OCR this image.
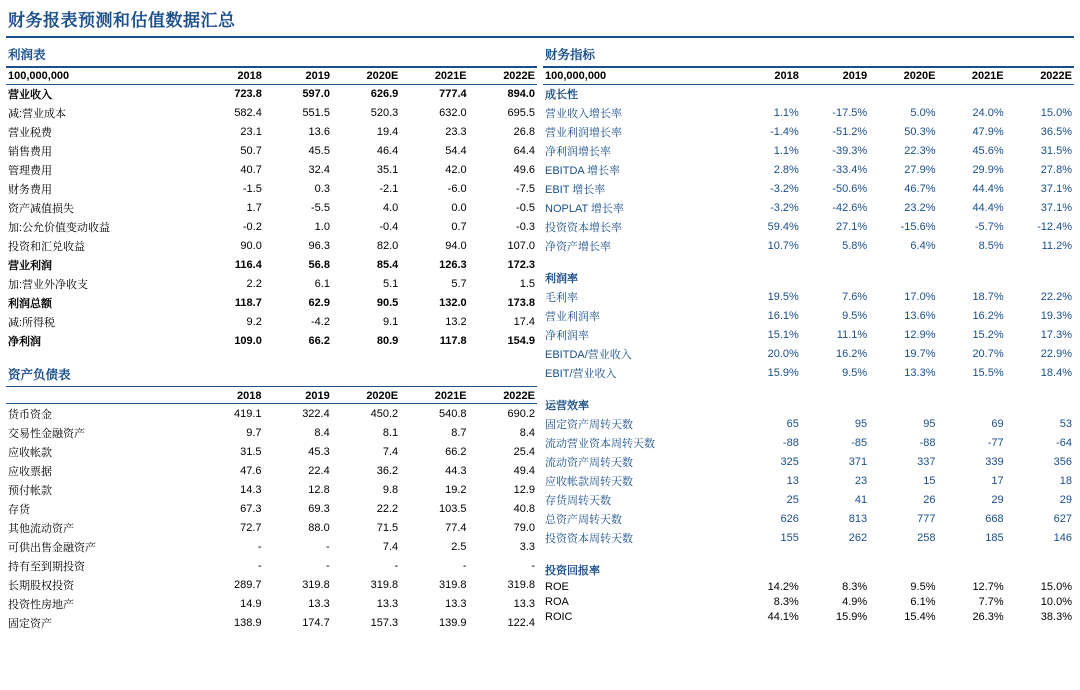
财务报表预测和估值数据汇总
利润表
100,000,000	2018	2019	2020E	2021E	2022E
营业收入	723.8	597.0	626.9	777.4	894.0
减:营业成本	582.4	551.5	520.3	632.0	695.5
营业税费	23.1	13.6	19.4	23.3	26.8
销售费用	50.7	45.5	46.4	54.4	64.4
管理费用	40.7	32.4	35.1	42.0	49.6
财务费用	-1.5	0.3	-2.1	-6.0	-7.5
资产减值损失	1.7	-5.5	4.0	0.0	-0.5
加:公允价值变动收益	-0.2	1.0	-0.4	0.7	-0.3
投资和汇兑收益	90.0	96.3	82.0	94.0	107.0
营业利润	116.4	56.8	85.4	126.3	172.3
加:营业外净收支	2.2	6.1	5.1	5.7	1.5
利润总额	118.7	62.9	90.5	132.0	173.8
减:所得税	9.2	-4.2	9.1	13.2	17.4
净利润	109.0	66.2	80.9	117.8	154.9
资产负债表
	2018	2019	2020E	2021E	2022E
货币资金	419.1	322.4	450.2	540.8	690.2
交易性金融资产	9.7	8.4	8.1	8.7	8.4
应收帐款	31.5	45.3	7.4	66.2	25.4
应收票据	47.6	22.4	36.2	44.3	49.4
预付帐款	14.3	12.8	9.8	19.2	12.9
存货	67.3	69.3	22.2	103.5	40.8
其他流动资产	72.7	88.0	71.5	77.4	79.0
可供出售金融资产	-	-	7.4	2.5	3.3
持有至到期投资	-	-	-	-	-
长期股权投资	289.7	319.8	319.8	319.8	319.8
投资性房地产	14.9	13.3	13.3	13.3	13.3
固定资产	138.9	174.7	157.3	139.9	122.4
财务指标
100,000,000	2018	2019	2020E	2021E	2022E
成长性					
营业收入增长率	1.1%	-17.5%	5.0%	24.0%	15.0%
营业利润增长率	-1.4%	-51.2%	50.3%	47.9%	36.5%
净利润增长率	1.1%	-39.3%	22.3%	45.6%	31.5%
EBITDA 增长率	2.8%	-33.4%	27.9%	29.9%	27.8%
EBIT 增长率	-3.2%	-50.6%	46.7%	44.4%	37.1%
NOPLAT 增长率	-3.2%	-42.6%	23.2%	44.4%	37.1%
投资资本增长率	59.4%	27.1%	-15.6%	-5.7%	-12.4%
净资产增长率	10.7%	5.8%	6.4%	8.5%	11.2%

利润率					
毛利率	19.5%	7.6%	17.0%	18.7%	22.2%
营业利润率	16.1%	9.5%	13.6%	16.2%	19.3%
净利润率	15.1%	11.1%	12.9%	15.2%	17.3%
EBITDA/营业收入	20.0%	16.2%	19.7%	20.7%	22.9%
EBIT/营业收入	15.9%	9.5%	13.3%	15.5%	18.4%

运营效率					
固定资产周转天数	65	95	95	69	53
流动营业资本周转天数	-88	-85	-88	-77	-64
流动资产周转天数	325	371	337	339	356
应收帐款周转天数	13	23	15	17	18
存货周转天数	25	41	26	29	29
总资产周转天数	626	813	777	668	627
投资资本周转天数	155	262	258	185	146

投资回报率					
ROE	14.2%	8.3%	9.5%	12.7%	15.0%
ROA	8.3%	4.9%	6.1%	7.7%	10.0%
ROIC	44.1%	15.9%	15.4%	26.3%	38.3%
